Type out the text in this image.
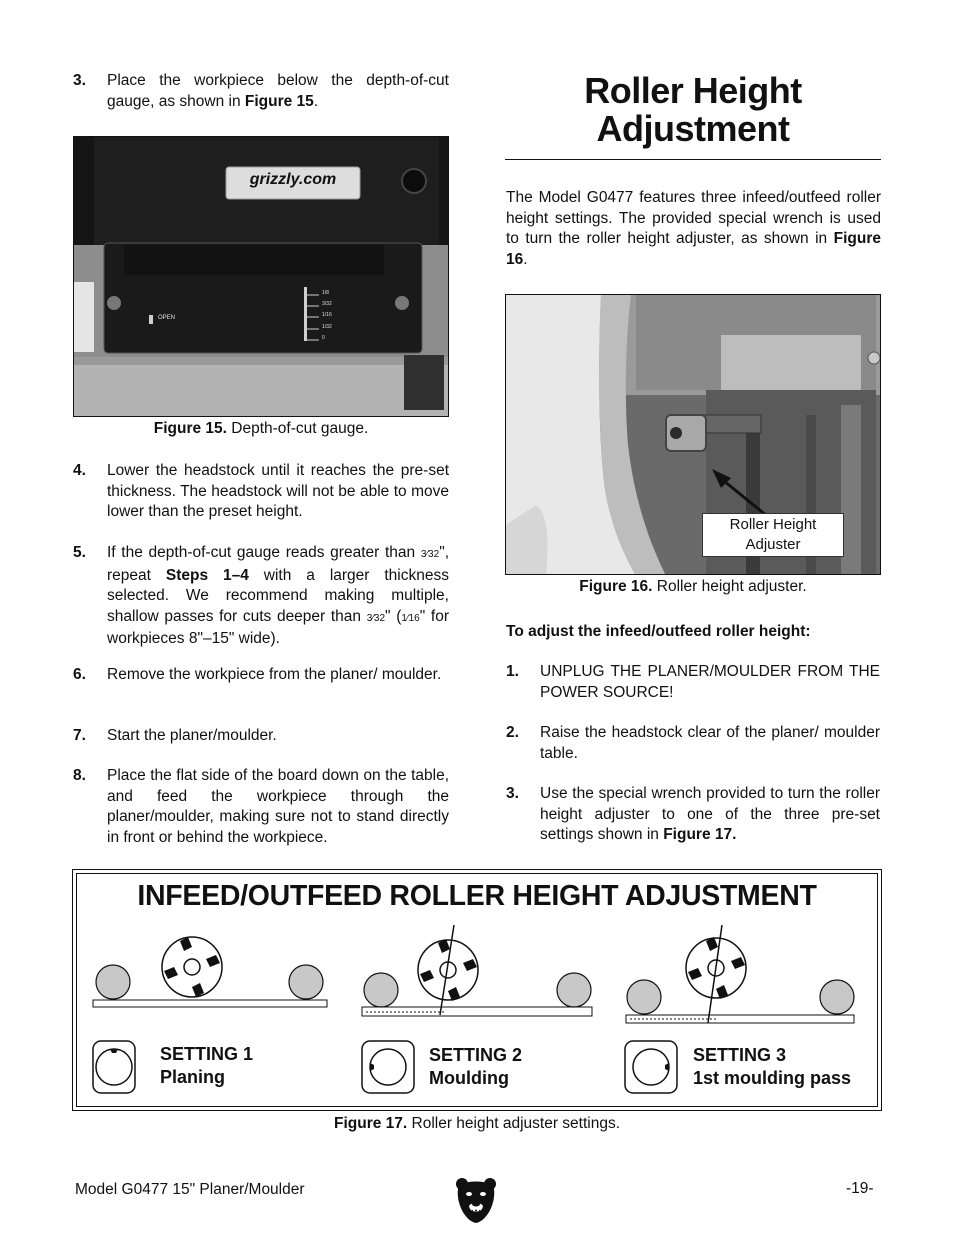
3.	Place the workpiece below the depth-of-cut gauge, as shown in Figure 15.
grizzly.com
OPEN
1/8
3/32
1/16
1/32
0
Figure 15. Depth-of-cut gauge.
4.	Lower the headstock until it reaches the pre-set thickness. The headstock will not be able to move lower than the preset height.
5.	If the depth-of-cut gauge reads greater than 3⁄32", repeat Steps 1–4 with a larger thickness selected. We recommend making multiple, shallow passes for cuts deeper than 3⁄32" (1⁄16" for workpieces 8"–15" wide).
6.	Remove the workpiece from the planer/ moulder.
7.	Start the planer/moulder.
8.	Place the flat side of the board down on the table, and feed the workpiece through the planer/moulder, making sure not to stand directly in front or behind the workpiece.
Roller Height
Adjustment
The Model G0477 features three infeed/outfeed roller height settings. The provided special wrench is used to turn the roller height adjuster, as shown in Figure 16.
Roller Height
Adjuster
Figure 16. Roller height adjuster.
To adjust the infeed/outfeed roller height:
1.	UNPLUG THE PLANER/MOULDER FROM THE POWER SOURCE!
2.	Raise the headstock clear of the planer/ moulder table.
3.	Use the special wrench provided to turn the roller height adjuster to one of the three pre-set settings shown in Figure 17.
INFEED/OUTFEED ROLLER HEIGHT ADJUSTMENT
SETTING 1
Planing
SETTING 2
Moulding
SETTING 3
1st moulding pass
Figure 17. Roller height adjuster settings.
Model G0477 15" Planer/Moulder	-19-
